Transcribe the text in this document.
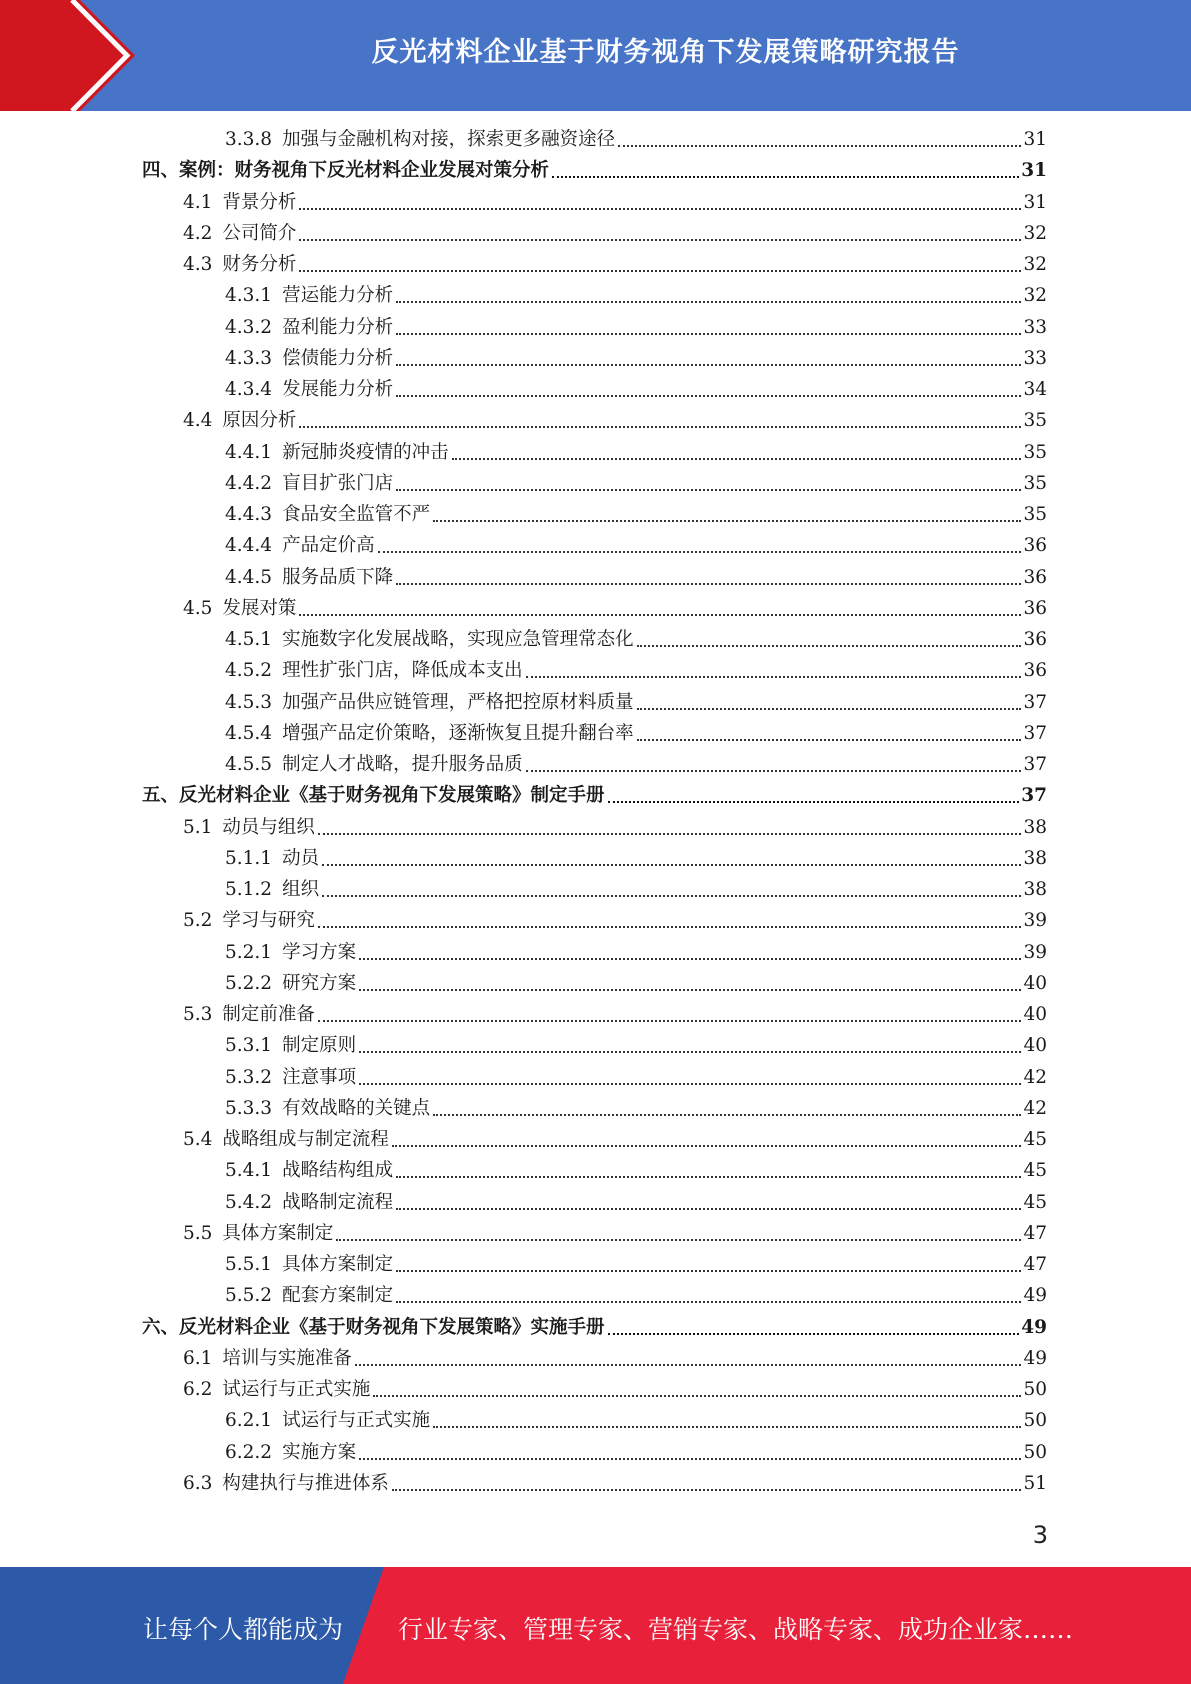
反光材料企业基于财务视角下发展策略研究报告
3.3.8 加强与金融机构对接，探索更多融资途径	31
四、案例：财务视角下反光材料企业发展对策分析	31
4.1 背景分析	31
4.2 公司简介	32
4.3 财务分析	32
4.3.1 营运能力分析	32
4.3.2 盈利能力分析	33
4.3.3 偿债能力分析	33
4.3.4 发展能力分析	34
4.4 原因分析	35
4.4.1 新冠肺炎疫情的冲击	35
4.4.2 盲目扩张门店	35
4.4.3 食品安全监管不严	35
4.4.4 产品定价高	36
4.4.5 服务品质下降	36
4.5 发展对策	36
4.5.1 实施数字化发展战略，实现应急管理常态化	36
4.5.2 理性扩张门店，降低成本支出	36
4.5.3 加强产品供应链管理，严格把控原材料质量	37
4.5.4 增强产品定价策略，逐渐恢复且提升翻台率	37
4.5.5 制定人才战略，提升服务品质	37
五、反光材料企业《基于财务视角下发展策略》制定手册	37
5.1 动员与组织	38
5.1.1 动员	38
5.1.2 组织	38
5.2 学习与研究	39
5.2.1 学习方案	39
5.2.2 研究方案	40
5.3 制定前准备	40
5.3.1 制定原则	40
5.3.2 注意事项	42
5.3.3 有效战略的关键点	42
5.4 战略组成与制定流程	45
5.4.1 战略结构组成	45
5.4.2 战略制定流程	45
5.5 具体方案制定	47
5.5.1 具体方案制定	47
5.5.2 配套方案制定	49
六、反光材料企业《基于财务视角下发展策略》实施手册	49
6.1 培训与实施准备	49
6.2 试运行与正式实施	50
6.2.1 试运行与正式实施	50
6.2.2 实施方案	50
6.3 构建执行与推进体系	51
3
让每个人都能成为 行业专家、管理专家、营销专家、战略专家、成功企业家……
